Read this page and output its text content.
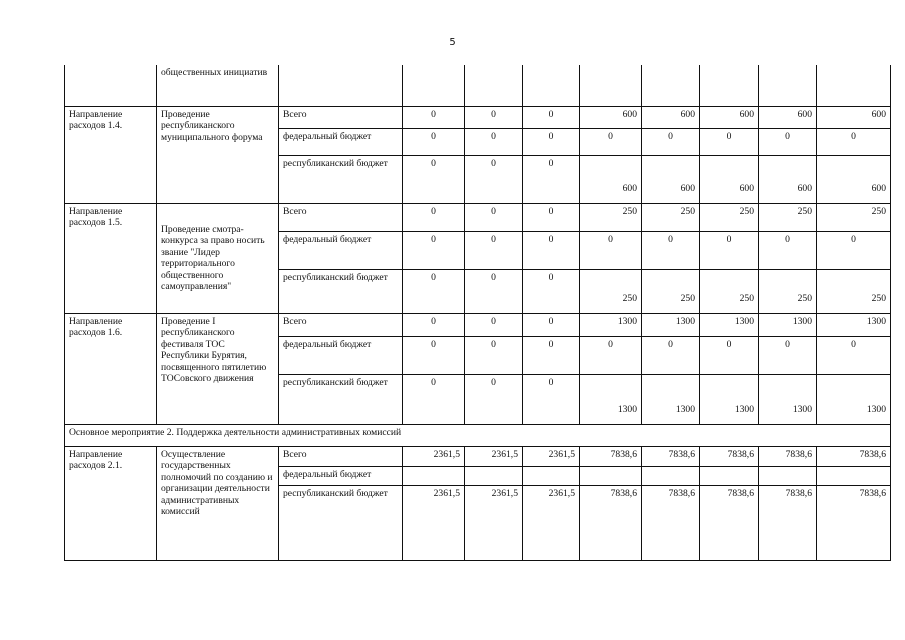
5
	общественных инициатив									
Направление расходов 1.4.	Проведение республиканского муниципального форума	Всего	0	0	0	600	600	600	600	600
		федеральный бюджет	0	0	0	0	0	0	0	0
		республиканский бюджет	0	0	0	600	600	600	600	600
Направление расходов 1.5.	Проведение смотра-конкурса за право носить звание "Лидер территориального общественного самоуправления"	Всего	0	0	0	250	250	250	250	250
		федеральный бюджет	0	0	0	0	0	0	0	0
		республиканский бюджет	0	0	0	250	250	250	250	250
Направление расходов 1.6.	Проведение I республиканского фестиваля ТОС Республики Бурятия, посвященного пятилетию ТОСовского движения	Всего	0	0	0	1300	1300	1300	1300	1300
		федеральный бюджет	0	0	0	0	0	0	0	0
		республиканский бюджет	0	0	0	1300	1300	1300	1300	1300
Основное мероприятие 2. Поддержка деятельности административных комиссий										
Направление расходов 2.1.	Осуществление государственных полномочий по созданию и организации деятельности административных комиссий	Всего	2361,5	2361,5	2361,5	7838,6	7838,6	7838,6	7838,6	7838,6
		федеральный бюджет								
		республиканский бюджет	2361,5	2361,5	2361,5	7838,6	7838,6	7838,6	7838,6	7838,6
